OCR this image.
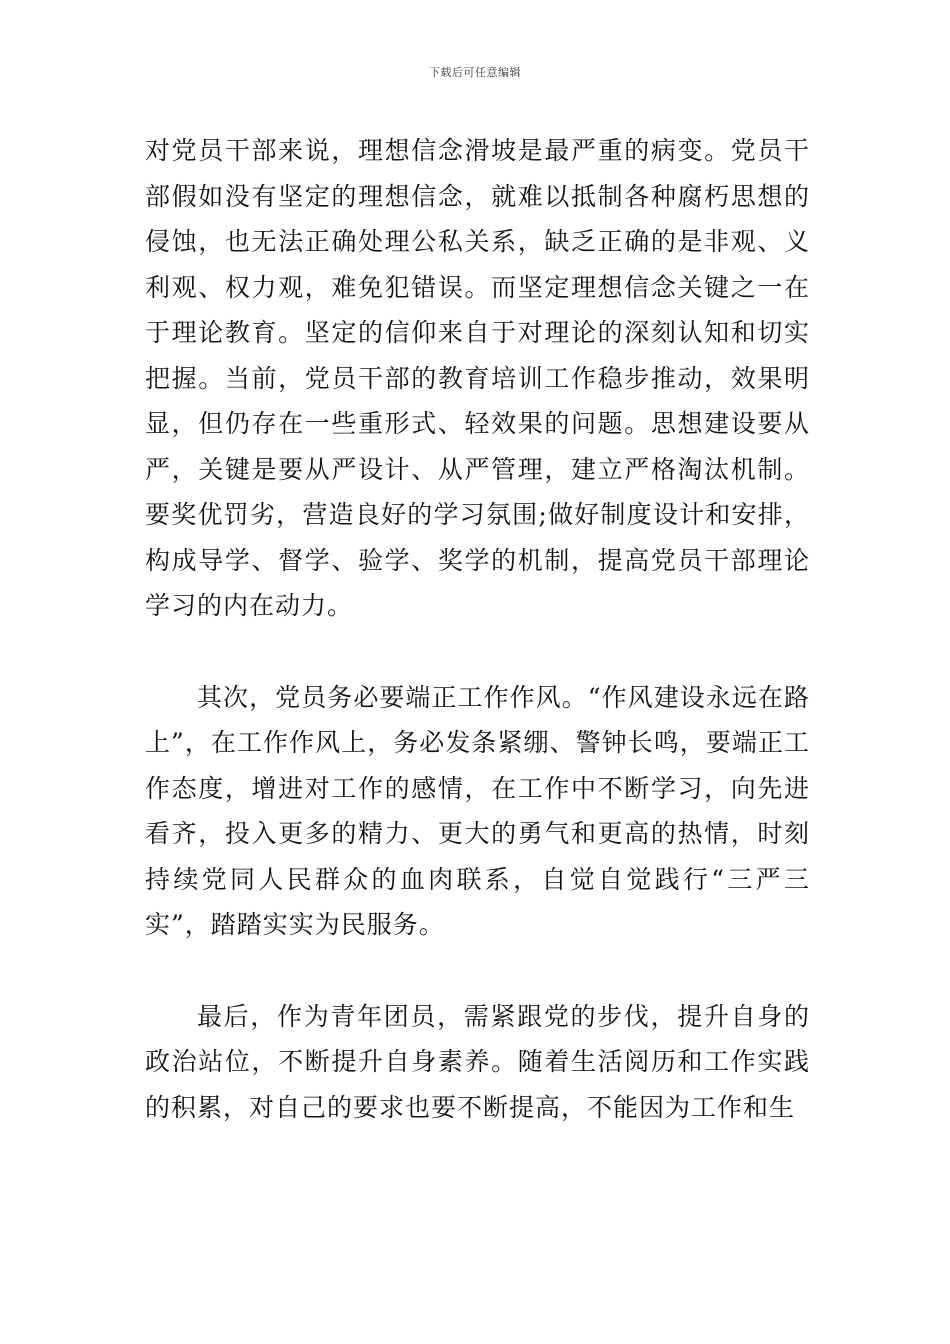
下载后可任意编辑

对党员干部来说，理想信念滑坡是最严重的病变。党员干部假如没有坚定的理想信念，就难以抵制各种腐朽思想的侵蚀，也无法正确处理公私关系，缺乏正确的是非观、义利观、权力观，难免犯错误。而坚定理想信念关键之一在于理论教育。坚定的信仰来自于对理论的深刻认知和切实把握。当前，党员干部的教育培训工作稳步推动，效果明显，但仍存在一些重形式、轻效果的问题。思想建设要从严，关键是要从严设计、从严管理，建立严格淘汰机制。要奖优罚劣，营造良好的学习氛围;做好制度设计和安排，构成导学、督学、验学、奖学的机制，提高党员干部理论学习的内在动力。

其次，党员务必要端正工作作风。“作风建设永远在路上”，在工作作风上，务必发条紧绷、警钟长鸣，要端正工作态度，增进对工作的感情，在工作中不断学习，向先进看齐，投入更多的精力、更大的勇气和更高的热情，时刻持续党同人民群众的血肉联系，自觉自觉践行“三严三实”，踏踏实实为民服务。

最后，作为青年团员，需紧跟党的步伐，提升自身的政治站位，不断提升自身素养。随着生活阅历和工作实践的积累，对自己的要求也要不断提高，不能因为工作和生
